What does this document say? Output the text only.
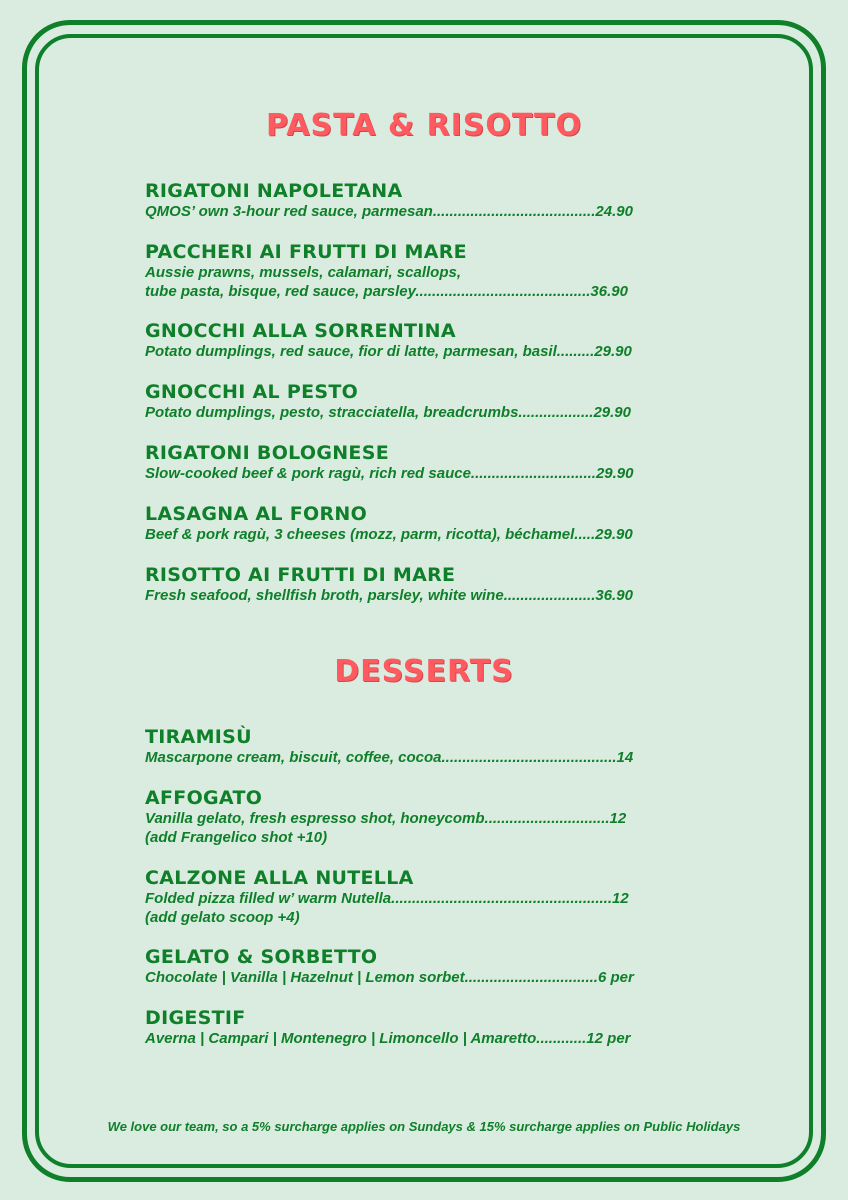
PASTA & RISOTTO
RIGATONI NAPOLETANA
QMOS’ own 3-hour red sauce, parmesan.......................................24.90
PACCHERI AI FRUTTI DI MARE
Aussie prawns, mussels, calamari, scallops,
tube pasta, bisque, red sauce, parsley..........................................36.90
GNOCCHI ALLA SORRENTINA
Potato dumplings, red sauce, fior di latte, parmesan, basil.........29.90
GNOCCHI AL PESTO
Potato dumplings, pesto, stracciatella, breadcrumbs..................29.90
RIGATONI BOLOGNESE
Slow-cooked beef & pork ragù, rich red sauce..............................29.90
LASAGNA AL FORNO
Beef & pork ragù, 3 cheeses (mozz, parm, ricotta), béchamel.....29.90
RISOTTO AI FRUTTI DI MARE
Fresh seafood, shellfish broth, parsley, white wine......................36.90
DESSERTS
TIRAMISÙ
Mascarpone cream, biscuit, coffee, cocoa..........................................14
AFFOGATO
Vanilla gelato, fresh espresso shot, honeycomb..............................12
(add Frangelico shot +10)
CALZONE ALLA NUTELLA
Folded pizza filled w’ warm Nutella.....................................................12
(add gelato scoop +4)
GELATO & SORBETTO
Chocolate | Vanilla | Hazelnut | Lemon sorbet................................6 per
DIGESTIF
Averna | Campari | Montenegro | Limoncello | Amaretto............12 per
We love our team, so a 5% surcharge applies on Sundays & 15% surcharge applies on Public Holidays
